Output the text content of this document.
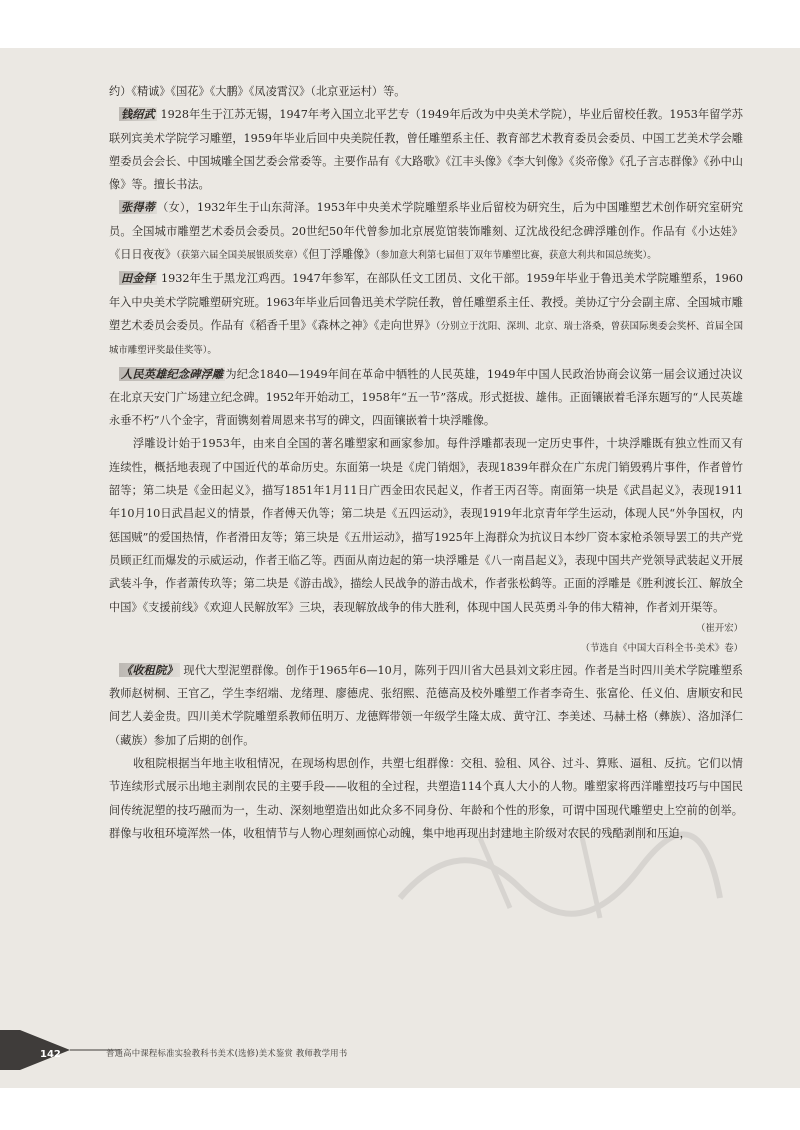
约）《精诚》《国花》《大鹏》《凤凌霄汉》（北京亚运村）等。

钱绍武 1928年生于江苏无锡，1947年考入国立北平艺专（1949年后改为中央美术学院），毕业后留校任教。1953年留学苏联列宾美术学院学习雕塑，1959年毕业后回中央美院任教，曾任雕塑系主任、教育部艺术教育委员会委员、中国工艺美术学会雕塑委员会会长、中国城雕全国艺委会常委等。主要作品有《大路歌》《江丰头像》《李大钊像》《炎帝像》《孔子言志群像》《孙中山像》等。擅长书法。

张得蒂 （女），1932年生于山东菏泽。1953年中央美术学院雕塑系毕业后留校为研究生，后为中国雕塑艺术创作研究室研究员。全国城市雕塑艺术委员会委员。20世纪50年代曾参加北京展览馆装饰雕刻、辽沈战役纪念碑浮雕创作。作品有《小达娃》《日日夜夜》（获第六届全国美展银质奖章）《但丁浮雕像》（参加意大利第七届但丁双年节雕塑比赛，获意大利共和国总统奖）。

田金铎 1932年生于黑龙江鸡西。1947年参军，在部队任文工团员、文化干部。1959年毕业于鲁迅美术学院雕塑系，1960年入中央美术学院雕塑研究班。1963年毕业后回鲁迅美术学院任教，曾任雕塑系主任、教授。美协辽宁分会副主席、全国城市雕塑艺术委员会委员。作品有《稻香千里》《森林之神》《走向世界》（分别立于沈阳、深圳、北京、瑞士洛桑，曾获国际奥委会奖杯、首届全国城市雕塑评奖最佳奖等）。

人民英雄纪念碑浮雕 为纪念1840—1949年间在革命中牺牲的人民英雄，1949年中国人民政治协商会议第一届会议通过决议在北京天安门广场建立纪念碑。1952年开始动工，1958年“五一节”落成。形式挺拔、雄伟。正面镶嵌着毛泽东题写的“人民英雄永垂不朽”八个金字，背面镌刻着周恩来书写的碑文，四面镶嵌着十块浮雕像。

浮雕设计始于1953年，由来自全国的著名雕塑家和画家参加。每件浮雕都表现一定历史事件，十块浮雕既有独立性而又有连续性，概括地表现了中国近代的革命历史。东面第一块是《虎门销烟》，表现1839年群众在广东虎门销毁鸦片事件，作者曾竹韶等；第二块是《金田起义》，描写1851年1月11日广西金田农民起义，作者王丙召等。南面第一块是《武昌起义》，表现1911年10月10日武昌起义的情景，作者傅天仇等；第二块是《五四运动》，表现1919年北京青年学生运动，体现人民“外争国权，内惩国贼”的爱国热情，作者滑田友等；第三块是《五卅运动》，描写1925年上海群众为抗议日本纱厂资本家枪杀领导罢工的共产党员顾正红而爆发的示威运动，作者王临乙等。西面从南边起的第一块浮雕是《八一南昌起义》，表现中国共产党领导武装起义开展武装斗争，作者萧传玖等；第二块是《游击战》，描绘人民战争的游击战术，作者张松鹤等。正面的浮雕是《胜利渡长江、解放全中国》《支援前线》《欢迎人民解放军》三块，表现解放战争的伟大胜利，体现中国人民英勇斗争的伟大精神，作者刘开渠等。

（崔开宏）

（节选自《中国大百科全书·美术》卷）

《收租院》 现代大型泥塑群像。创作于1965年6—10月，陈列于四川省大邑县刘文彩庄园。作者是当时四川美术学院雕塑系教师赵树桐、王官乙，学生李绍端、龙绪理、廖德虎、张绍熙、范德高及校外雕塑工作者李奇生、张富伦、任义伯、唐顺安和民间艺人姜金贵。四川美术学院雕塑系教师伍明万、龙德辉带领一年级学生隆太成、黄守江、李美述、马赫土格（彝族）、洛加泽仁（藏族）参加了后期的创作。

收租院根据当年地主收租情况，在现场构思创作，共塑七组群像：交租、验租、风谷、过斗、算账、逼租、反抗。它们以情节连续形式展示出地主剥削农民的主要手段——收租的全过程，共塑造114个真人大小的人物。雕塑家将西洋雕塑技巧与中国民间传统泥塑的技巧融而为一，生动、深刻地塑造出如此众多不同身份、年龄和个性的形象，可谓中国现代雕塑史上空前的创举。群像与收租环境浑然一体，收租情节与人物心理刻画惊心动魄，集中地再现出封建地主阶级对农民的残酷剥削和压迫，

142	普通高中课程标准实验教科书美术(选修)美术鉴赏 教师教学用书
